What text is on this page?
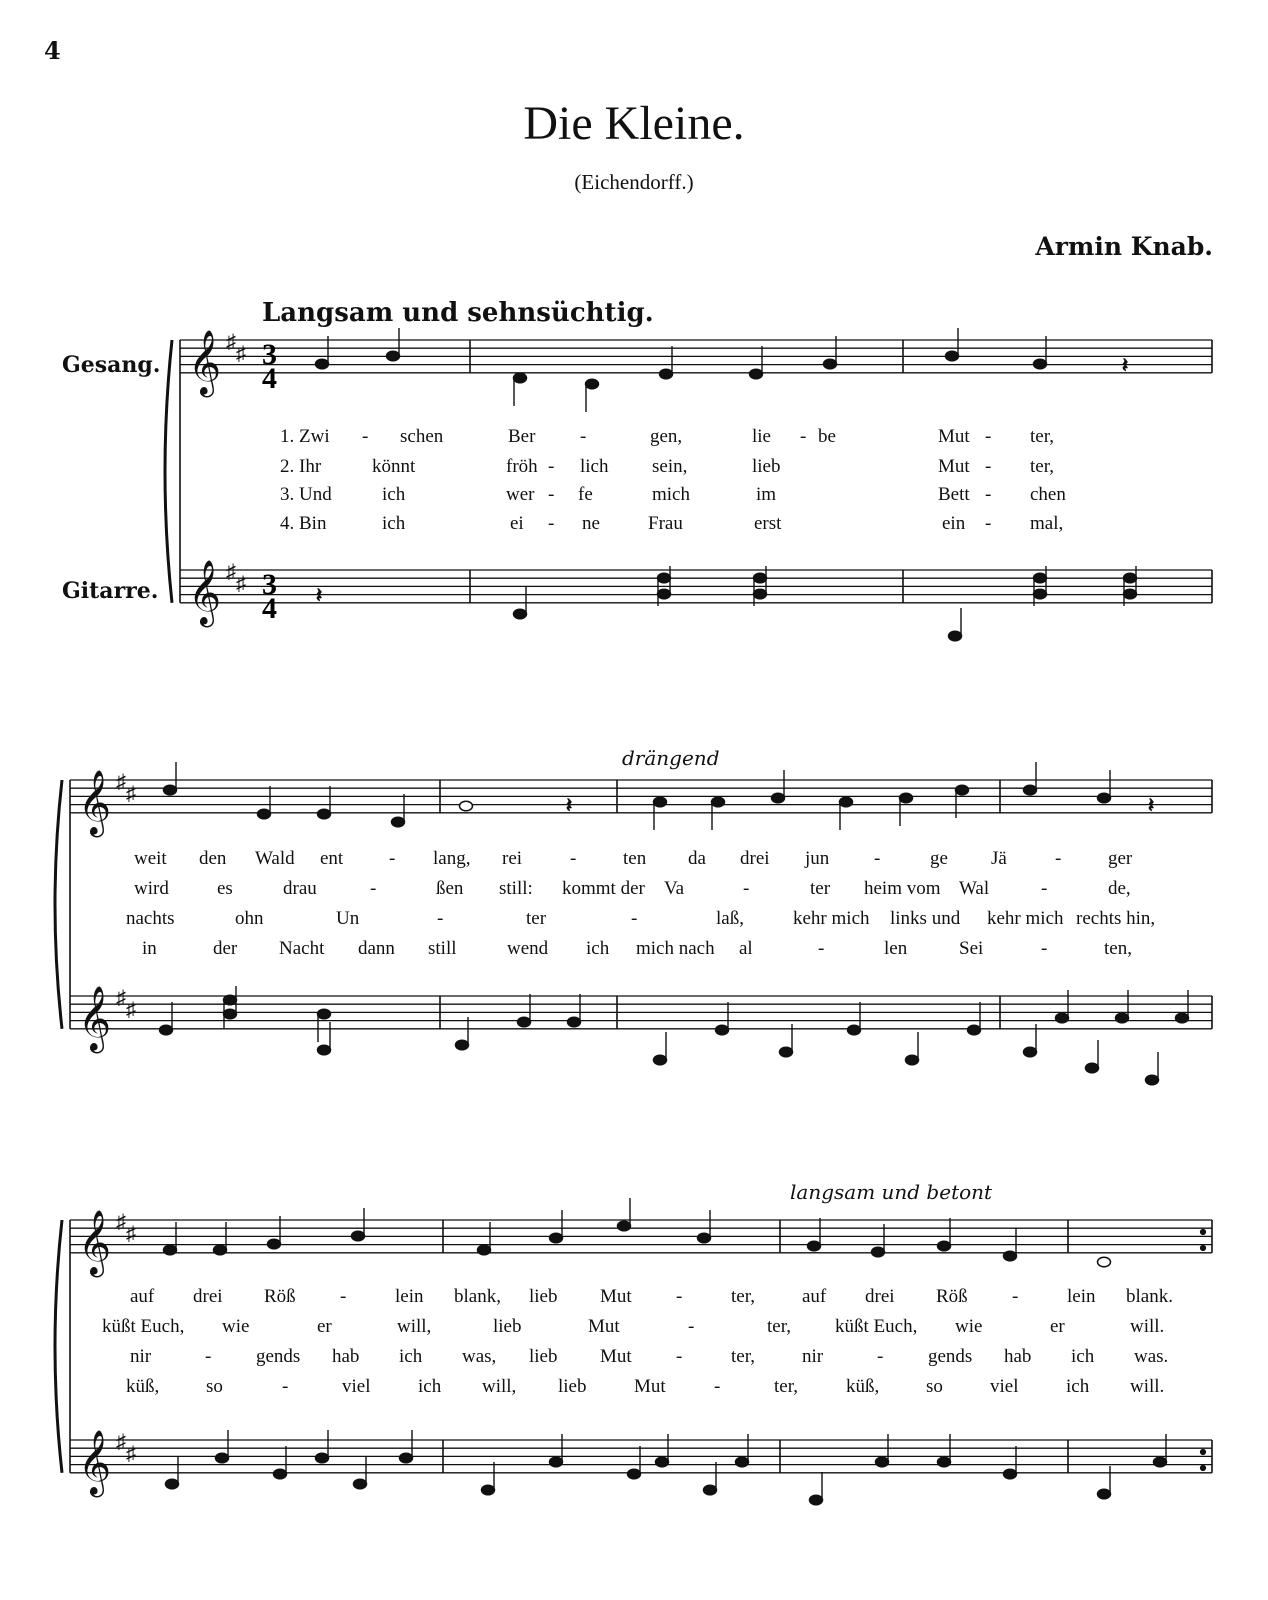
4
Die Kleine.
(Eichendorff.)
Armin Knab.
Langsam und sehnsüchtig.
Gesang.
Gitarre.
drängend
langsam und betont
𝄞 ♯
♯
𝄞 ♯
♯
𝄞 ♯
♯
𝄞 ♯
♯
𝄞 ♯
♯
𝄞 ♯
♯
𝄽
𝄽
𝄽	𝄽
3
4
3
4
1. Zwi - schen	Ber -	gen,	lie - be	Mut - ter,
2. Ihr	könnt	fröh - lich sein,	lieb	Mut - ter,
3. Und	ich	wer - fe	mich	im	Bett - chen
4. Bin	ich	ei - ne	Frau	erst	ein - mal,
weit den Wald ent - lang, rei	- ten da drei jun -	ge Jä	- ger
wird	es	drau	-	ßen still: kommt der Va	-	ter heim vom Wal	-	de,
nachts	ohn	Un	-	ter	-	laß,	kehr mich links und kehr mich rechts hin,
in	der Nacht dann still	wend ich mich nach al	-	len	Sei	-	ten,
auf drei Röß -	lein blank, lieb Mut -	ter, auf drei Röß -	lein blank.
küßt Euch, wie	er	will,	lieb	Mut	-	ter, küßt Euch, wie	er	will.
nir	- gends hab ich was, lieb Mut -	ter, nir	- gends hab ich was.
küß, so	-	viel	ich will, lieb	Mut	-	ter,	küß, so viel	ich will.
